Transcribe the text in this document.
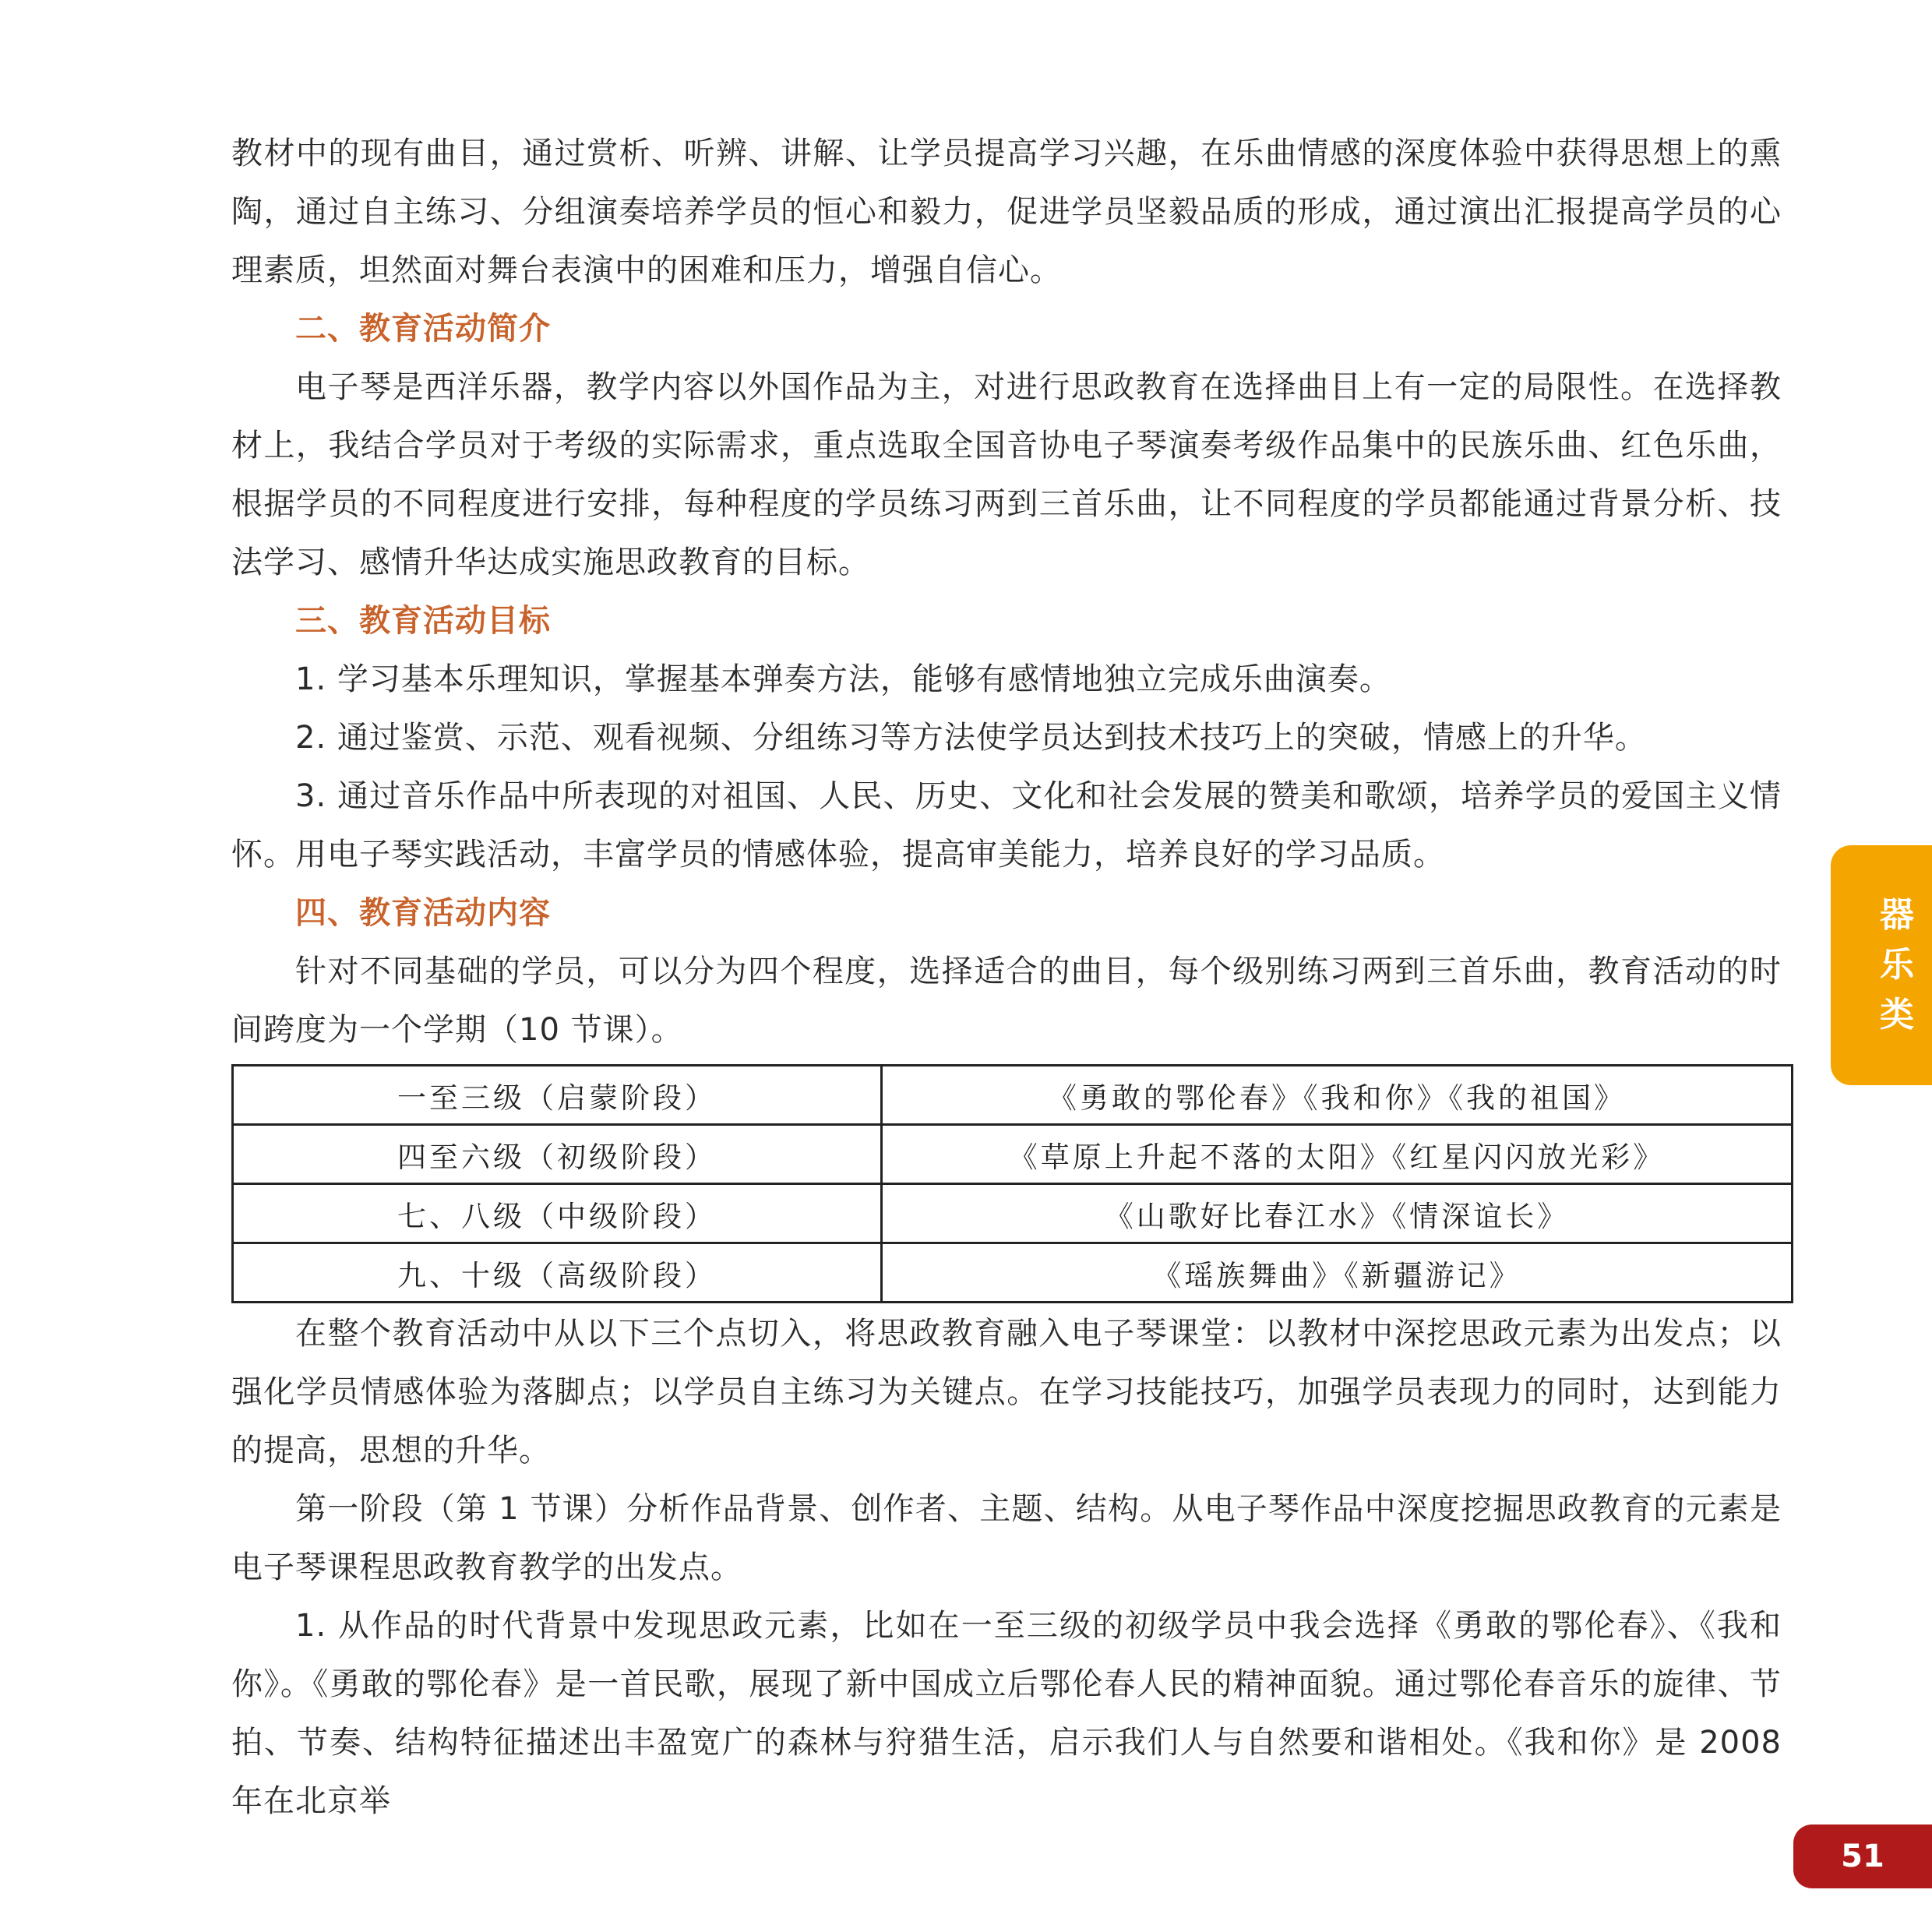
教材中的现有曲目，通过赏析、听辨、讲解、让学员提高学习兴趣，在乐曲情感的深度体验中获得思想上的熏陶，通过自主练习、分组演奏培养学员的恒心和毅力，促进学员坚毅品质的形成，通过演出汇报提高学员的心理素质，坦然面对舞台表演中的困难和压力，增强自信心。

二、教育活动简介

电子琴是西洋乐器，教学内容以外国作品为主，对进行思政教育在选择曲目上有一定的局限性。在选择教材上，我结合学员对于考级的实际需求，重点选取全国音协电子琴演奏考级作品集中的民族乐曲、红色乐曲，根据学员的不同程度进行安排，每种程度的学员练习两到三首乐曲，让不同程度的学员都能通过背景分析、技法学习、感情升华达成实施思政教育的目标。

三、教育活动目标

1. 学习基本乐理知识，掌握基本弹奏方法，能够有感情地独立完成乐曲演奏。

2. 通过鉴赏、示范、观看视频、分组练习等方法使学员达到技术技巧上的突破，情感上的升华。

3. 通过音乐作品中所表现的对祖国、人民、历史、文化和社会发展的赞美和歌颂，培养学员的爱国主义情怀。用电子琴实践活动，丰富学员的情感体验，提高审美能力，培养良好的学习品质。

四、教育活动内容

针对不同基础的学员，可以分为四个程度，选择适合的曲目，每个级别练习两到三首乐曲，教育活动的时间跨度为一个学期（10 节课）。

一至三级（启蒙阶段）	《勇敢的鄂伦春》《我和你》《我的祖国》
四至六级（初级阶段）	《草原上升起不落的太阳》《红星闪闪放光彩》
七、八级（中级阶段）	《山歌好比春江水》《情深谊长》
九、十级（高级阶段）	《瑶族舞曲》《新疆游记》

在整个教育活动中从以下三个点切入，将思政教育融入电子琴课堂：以教材中深挖思政元素为出发点；以强化学员情感体验为落脚点；以学员自主练习为关键点。在学习技能技巧，加强学员表现力的同时，达到能力的提高，思想的升华。

第一阶段（第 1 节课）分析作品背景、创作者、主题、结构。从电子琴作品中深度挖掘思政教育的元素是电子琴课程思政教育教学的出发点。

1. 从作品的时代背景中发现思政元素，比如在一至三级的初级学员中我会选择《勇敢的鄂伦春》、《我和你》。《勇敢的鄂伦春》是一首民歌，展现了新中国成立后鄂伦春人民的精神面貌。通过鄂伦春音乐的旋律、节拍、节奏、结构特征描述出丰盈宽广的森林与狩猎生活，启示我们人与自然要和谐相处。《我和你》是 2008 年在北京举

器
乐
类
51
